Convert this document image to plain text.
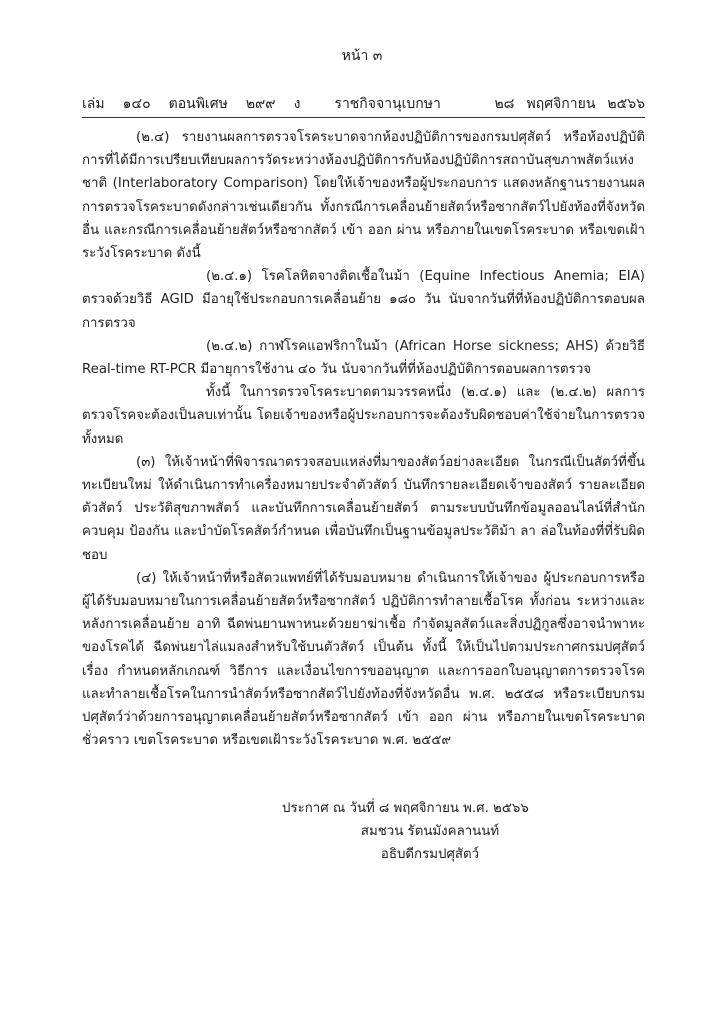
หน้า ๓
เล่ม ๑๔๐ ตอนพิเศษ ๒๙๙ ง ราชกิจจานุเบกษา	๒๘ พฤศจิกายน ๒๕๖๖

(๒.๔) รายงานผลการตรวจโรคระบาดจากห้องปฏิบัติการของกรมปศุสัตว์ หรือห้องปฏิบัติการที่ได้มีการเปรียบเทียบผลการวัดระหว่างห้องปฏิบัติการกับห้องปฏิบัติการสถาบันสุขภาพสัตว์แห่งชาติ (Interlaboratory Comparison) โดยให้เจ้าของหรือผู้ประกอบการ แสดงหลักฐานรายงานผลการตรวจโรคระบาดดังกล่าวเช่นเดียวกัน ทั้งกรณีการเคลื่อนย้ายสัตว์หรือซากสัตว์ไปยังท้องที่จังหวัดอื่น และกรณีการเคลื่อนย้ายสัตว์หรือซากสัตว์ เข้า ออก ผ่าน หรือภายในเขตโรคระบาด หรือเขตเฝ้าระวังโรคระบาด ดังนี้

(๒.๔.๑) โรคโลหิตจางติดเชื้อในม้า (Equine Infectious Anemia; EIA) ตรวจด้วยวิธี AGID มีอายุใช้ประกอบการเคลื่อนย้าย ๑๘๐ วัน นับจากวันที่ที่ห้องปฏิบัติการตอบผลการตรวจ

(๒.๔.๒) กาฬโรคแอฟริกาในม้า (African Horse sickness; AHS) ด้วยวิธี Real-time RT-PCR มีอายุการใช้งาน ๔๐ วัน นับจากวันที่ที่ห้องปฏิบัติการตอบผลการตรวจ

ทั้งนี้ ในการตรวจโรคระบาดตามวรรคหนึ่ง (๒.๔.๑) และ (๒.๔.๒) ผลการตรวจโรคจะต้องเป็นลบเท่านั้น โดยเจ้าของหรือผู้ประกอบการจะต้องรับผิดชอบค่าใช้จ่ายในการตรวจทั้งหมด

(๓) ให้เจ้าหน้าที่พิจารณาตรวจสอบแหล่งที่มาของสัตว์อย่างละเอียด ในกรณีเป็นสัตว์ที่ขึ้นทะเบียนใหม่ ให้ดำเนินการทำเครื่องหมายประจำตัวสัตว์ บันทึกรายละเอียดเจ้าของสัตว์ รายละเอียดตัวสัตว์ ประวัติสุขภาพสัตว์ และบันทึกการเคลื่อนย้ายสัตว์ ตามระบบบันทึกข้อมูลออนไลน์ที่สำนักควบคุม ป้องกัน และบำบัดโรคสัตว์กำหนด เพื่อบันทึกเป็นฐานข้อมูลประวัติม้า ลา ล่อในท้องที่ที่รับผิดชอบ

(๔) ให้เจ้าหน้าที่หรือสัตวแพทย์ที่ได้รับมอบหมาย ดำเนินการให้เจ้าของ ผู้ประกอบการหรือผู้ได้รับมอบหมายในการเคลื่อนย้ายสัตว์หรือซากสัตว์ ปฏิบัติการทำลายเชื้อโรค ทั้งก่อน ระหว่างและหลังการเคลื่อนย้าย อาทิ ฉีดพ่นยานพาหนะด้วยยาฆ่าเชื้อ กำจัดมูลสัตว์และสิ่งปฏิกูลซึ่งอาจนำพาหะของโรคได้ ฉีดพ่นยาไล่แมลงสำหรับใช้บนตัวสัตว์ เป็นต้น ทั้งนี้ ให้เป็นไปตามประกาศกรมปศุสัตว์ เรื่อง กำหนดหลักเกณฑ์ วิธีการ และเงื่อนไขการขออนุญาต และการออกใบอนุญาตการตรวจโรค และทำลายเชื้อโรคในการนำสัตว์หรือซากสัตว์ไปยังท้องที่จังหวัดอื่น พ.ศ. ๒๕๕๘ หรือระเบียบกรมปศุสัตว์ว่าด้วยการอนุญาตเคลื่อนย้ายสัตว์หรือซากสัตว์ เข้า ออก ผ่าน หรือภายในเขตโรคระบาดชั่วคราว เขตโรคระบาด หรือเขตเฝ้าระวังโรคระบาด พ.ศ. ๒๕๕๙

ประกาศ ณ วันที่ ๘ พฤศจิกายน พ.ศ. ๒๕๖๖
สมชวน รัตนมังคลานนท์
อธิบดีกรมปศุสัตว์
